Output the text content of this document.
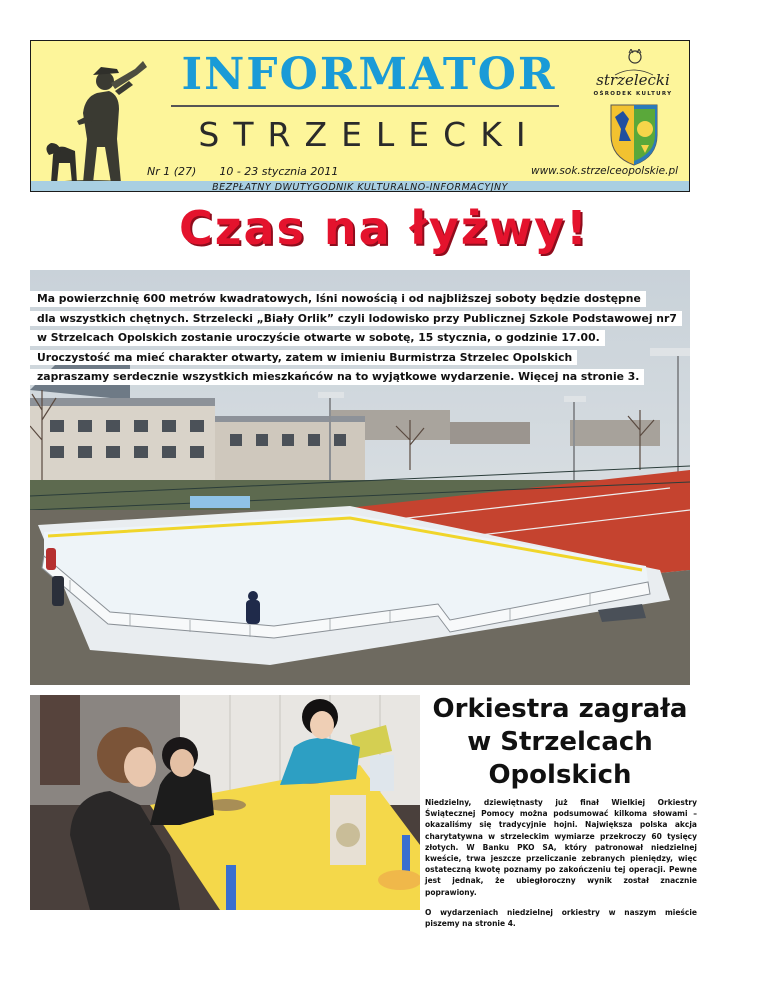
INFORMATOR
STRZELECKI
Nr 1 (27) 10 - 23 stycznia 2011	www.sok.strzelceopolskie.pl
BEZPŁATNY DWUTYGODNIK KULTURALNO-INFORMACYJNY
strzelecki
OŚRODEK KULTURY
Czas na łyżwy!
Ma powierzchnię 600 metrów kwadratowych, lśni nowością i od najbliższej soboty będzie dostępne
dla wszystkich chętnych. Strzelecki „Biały Orlik” czyli lodowisko przy Publicznej Szkole Podstawowej nr7
w Strzelcach Opolskich zostanie uroczyście otwarte w sobotę, 15 stycznia, o godzinie 17.00.
Uroczystość ma mieć charakter otwarty, zatem w imieniu Burmistrza Strzelec Opolskich
zapraszamy serdecznie wszystkich mieszkańców na to wyjątkowe wydarzenie. Więcej na stronie 3.
Orkiestra zagrała
w Strzelcach
Opolskich

Niedzielny, dziewiętnasty już finał Wielkiej Orkiestry Świątecznej Pomocy można podsumować kilkoma słowami – okazaliśmy się tradycyjnie hojni. Największa polska akcja charytatywna w strzeleckim wymiarze przekroczy 60 tysięcy złotych. W Banku PKO SA, który patronował niedzielnej kweście, trwa jeszcze przeliczanie zebranych pieniędzy, więc ostateczną kwotę poznamy po zakończeniu tej operacji. Pewne jest jednak, że ubiegłoroczny wynik został znacznie poprawiony.

O wydarzeniach niedzielnej orkiestry w naszym mieście piszemy na stronie 4.
